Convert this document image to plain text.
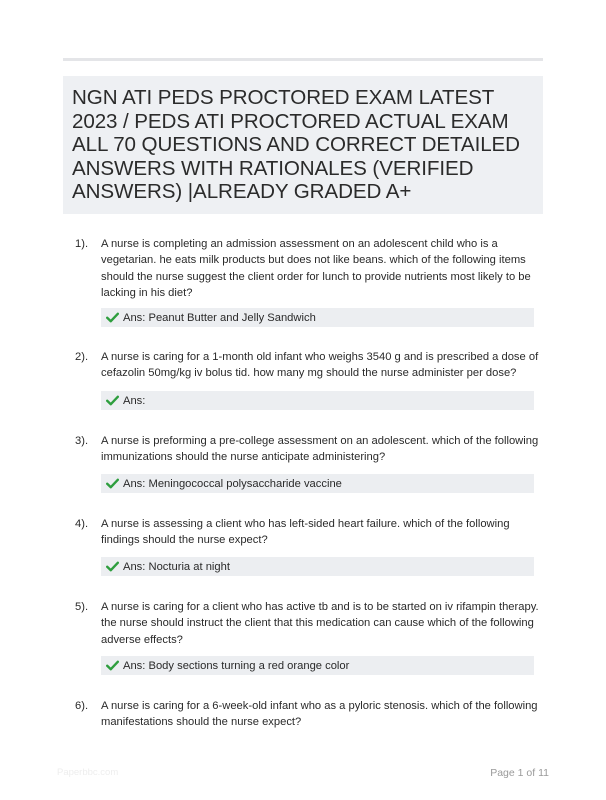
NGN ATI PEDS PROCTORED EXAM LATEST 2023 / PEDS ATI PROCTORED ACTUAL EXAM ALL 70 QUESTIONS AND CORRECT DETAILED ANSWERS WITH RATIONALES (VERIFIED ANSWERS) |ALREADY GRADED A+
1). A nurse is completing an admission assessment on an adolescent child who is a vegetarian. he eats milk products but does not like beans. which of the following items should the nurse suggest the client order for lunch to provide nutrients most likely to be lacking in his diet?

Ans: Peanut Butter and Jelly Sandwich
2). A nurse is caring for a 1-month old infant who weighs 3540 g and is prescribed a dose of cefazolin 50mg/kg iv bolus tid. how many mg should the nurse administer per dose?

Ans:
3). A nurse is preforming a pre-college assessment on an adolescent. which of the following immunizations should the nurse anticipate administering?

Ans: Meningococcal polysaccharide vaccine
4). A nurse is assessing a client who has left-sided heart failure. which of the following findings should the nurse expect?

Ans: Nocturia at night
5). A nurse is caring for a client who has active tb and is to be started on iv rifampin therapy. the nurse should instruct the client that this medication can cause which of the following adverse effects?

Ans: Body sections turning a red orange color
6). A nurse is caring for a 6-week-old infant who as a pyloric stenosis. which of the following manifestations should the nurse expect?

Paperbbc.com	Page 1 of 11
